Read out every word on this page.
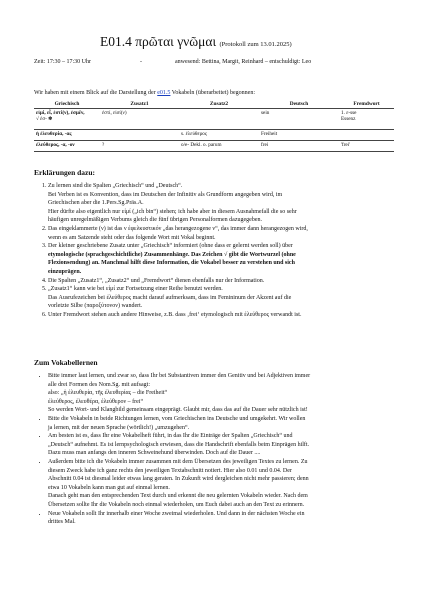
E01.4 πρῶται γνῶμαι (Protokoll zum 13.01.2025)
Zeit: 17:30 – 17:30 Uhr	-	anwesend: Bettina, Margit, Reinhard – entschuldigt: Leo
Wir haben mit einem Blick auf die Darstellung der e01.5 Vokabeln (überarbeitet) begonnen:
Griechisch	Zusatz1	Zusatz2	Deutsch	Fremdwort
εἰμί, εἶ, ἐστί(ν), ἐσμέν,
√ ἐσ- ✽	ἐστί, εἰσί(ν)		sein	1. ε-sse
Essenz
ἡ ἐλευθερία, -ας		s. ἐλεύθερος	Freiheit	
ἐλεύθερος, -α, -ον	?	o/e- Dekl. o. parum	frei	'frei'
Erklärungen dazu:
1. Zu lernen sind die Spalten „Griechisch“ und „Deutsch“.
Bei Verben ist es Konvention, dass im Deutschen der Infinitiv als Grundform angegeben wird, im
Griechischen aber die 1.Pers.Sg.Präs.A.
Hier dürfte also eigentlich nur εἰμί („ich bin“) stehen; ich habe aber in diesem Ausnahmefall die so sehr
häufigen unregelmäßigen Verbums gleich die fünf übrigen Personalformen dazugegeben.
2. Das eingeklammerte (ν) ist das ν ἐφελκυστικόν „das herangezogene ν“, das immer dann herangezogen wird,
wenn es am Satzende steht oder das folgende Wort mit Vokal beginnt.
3. Der kleiner geschriebene Zusatz unter „Griechisch“ informiert (ohne dass er gelernt werden soll) über
etymologische (sprachgeschichtliche) Zusammenhänge. Das Zeichen √ gibt die Wortwurzel (ohne
Flexionsendung) an. Manchmal hilft diese Information, die Vokabel besser zu verstehen und sich
einzuprägen.
4. Die Spalten „Zusatz1“, „Zusatz2“ und „Fremdwort“ dienen ebenfalls nur der Information.
5. „Zusatz1“ kann wie bei εἰμί zur Fortsetzung einer Reihe benutzt werden.
Das Ausrufezeichen bei ἐλεύθερος macht darauf aufmerksam, dass im Femininum der Akzent auf die
vorletzte Silbe (παροξύτονον) wandert.
6. Unter Fremdwort stehen auch andere Hinweise, z.B. dass ‚frei‘ etymologisch mit ἐλεύθερος verwandt ist.
Zum Vokabellernen
• Bitte immer laut lernen, und zwar so, dass Ihr bei Substantiven immer den Genitiv und bei Adjektiven immer
alle drei Formen des Nom.Sg. mit aufsagt:
also: „ἡ ἐλευθερία, τῆς ἐλευθερίας – die Freiheit“
ἐλεύθερος, ἐλευθέρα, ἐλεύθερον – frei“
So werden Wort- und Klangbild gemeinsam eingeprägt. Glaubt mir, dass das auf die Dauer sehr nützlich ist!
• Bitte die Vokabeln in beide Richtungen lernen, vom Griechischen ins Deutsche und umgekehrt. Wir wollen
ja lernen, mit der neuen Sprache (wörtlich!) „umzugehen“.
• Am besten ist es, dass Ihr eine Vokabelheft führt, in das Ihr die Einträge der Spalten „Griechisch“ und
„Deutsch“ aufnehmt. Es ist lernpsychologisch erwiesen, dass die Handschrift ebenfalls beim Einprägen hilft.
Dazu muss man anfangs den inneren Schweinehund überwinden. Doch auf die Dauer ....
• Außerdem bitte ich die Vokabeln immer zusammen mit dem Übersetzen des jeweiligen Textes zu lernen. Zu
diesem Zweck habe ich ganz rechts den jeweiligen Textabschnitt notiert. Hier also 0.01 und 0.04. Der
Abschnitt 0.04 ist diesmal leider etwas lang geraten. In Zukunft wird dergleichen nicht mehr passieren; denn
etwa 10 Vokabeln kann man gut auf einmal lernen.
Danach geht man den entsprechenden Text durch und erkennt die neu gelernten Vokabeln wieder. Nach dem
Übersetzen sollte Ihr die Vokabeln noch einmal wiederholen, um Euch dabei auch an den Text zu erinnern.
• Neue Vokabeln sollt Ihr innerhalb einer Woche zweimal wiederholen. Und dann in der nächsten Woche ein
drittes Mal.
